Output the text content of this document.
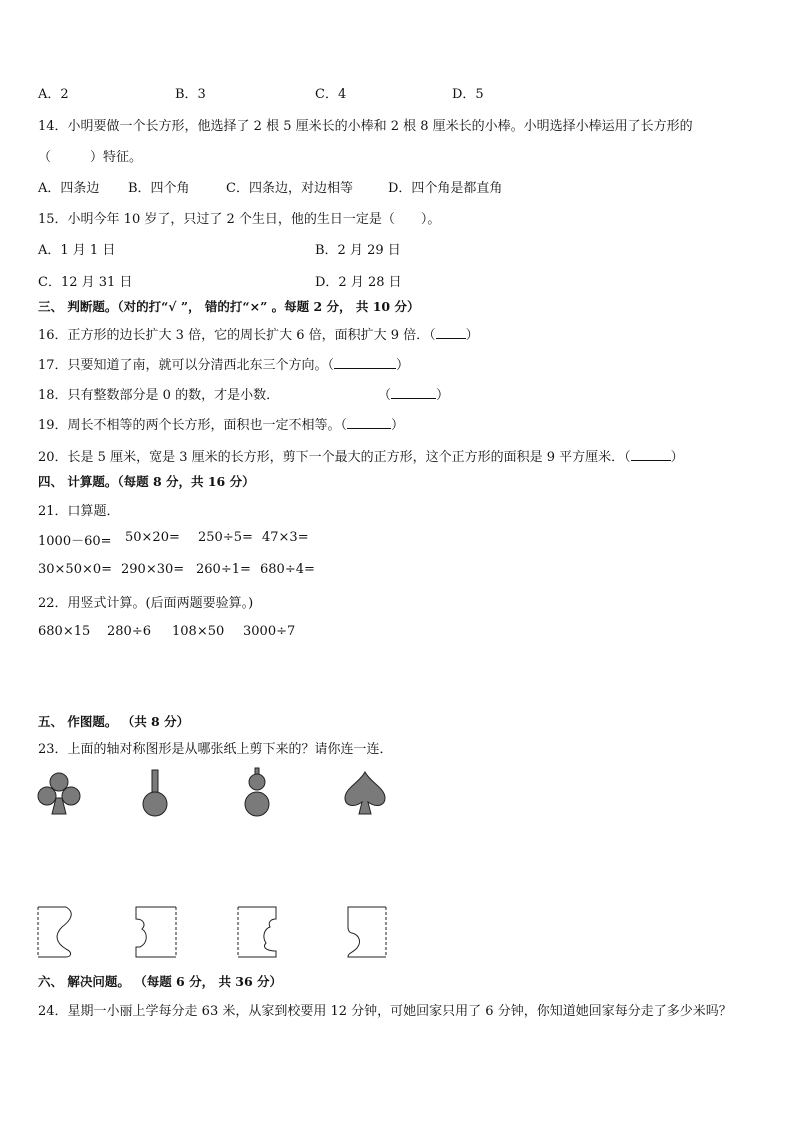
A．2	B．3	C．4	D．5
14．小明要做一个长方形，他选择了 2 根 5 厘米长的小棒和 2 根 8 厘米长的小棒。小明选择小棒运用了长方形的
（　　　）特征。
A．四条边 B．四个角	C．四条边，对边相等	D．四个角是都直角
15．小明今年 10 岁了，只过了 2 个生日，他的生日一定是（　　）。
A．1 月 1 日	B．2 月 29 日
C．12 月 31 日	D．2 月 28 日
三、 判断题。（对的打“√ ”， 错的打“×” 。每题 2 分， 共 10 分）
16．正方形的边长扩大 3 倍，它的周长扩大 6 倍，面积扩大 9 倍．（ ）
17．只要知道了南，就可以分清西北东三个方向。（	）
18．只有整数部分是 0 的数，才是小数．	（	）
19．周长不相等的两个长方形，面积也一定不相等。（	）
20．长是 5 厘米，宽是 3 厘米的长方形，剪下一个最大的正方形，这个正方形的面积是 9 平方厘米．（	）
四、 计算题。（每题 8 分，共 16 分）
21．口算题．
1000－60= 50×20= 250÷5= 47×3=
30×50×0= 290×30= 260÷1= 680÷4=
22．用竖式计算。(后面两题要验算。)
680×15 280÷6 108×50 3000÷7
五、 作图题。 （共 8 分）
23．上面的轴对称图形是从哪张纸上剪下来的？请你连一连．
六、 解决问题。 （每题 6 分， 共 36 分）
24．星期一小丽上学每分走 63 米，从家到校要用 12 分钟，可她回家只用了 6 分钟，你知道她回家每分走了多少米吗？
